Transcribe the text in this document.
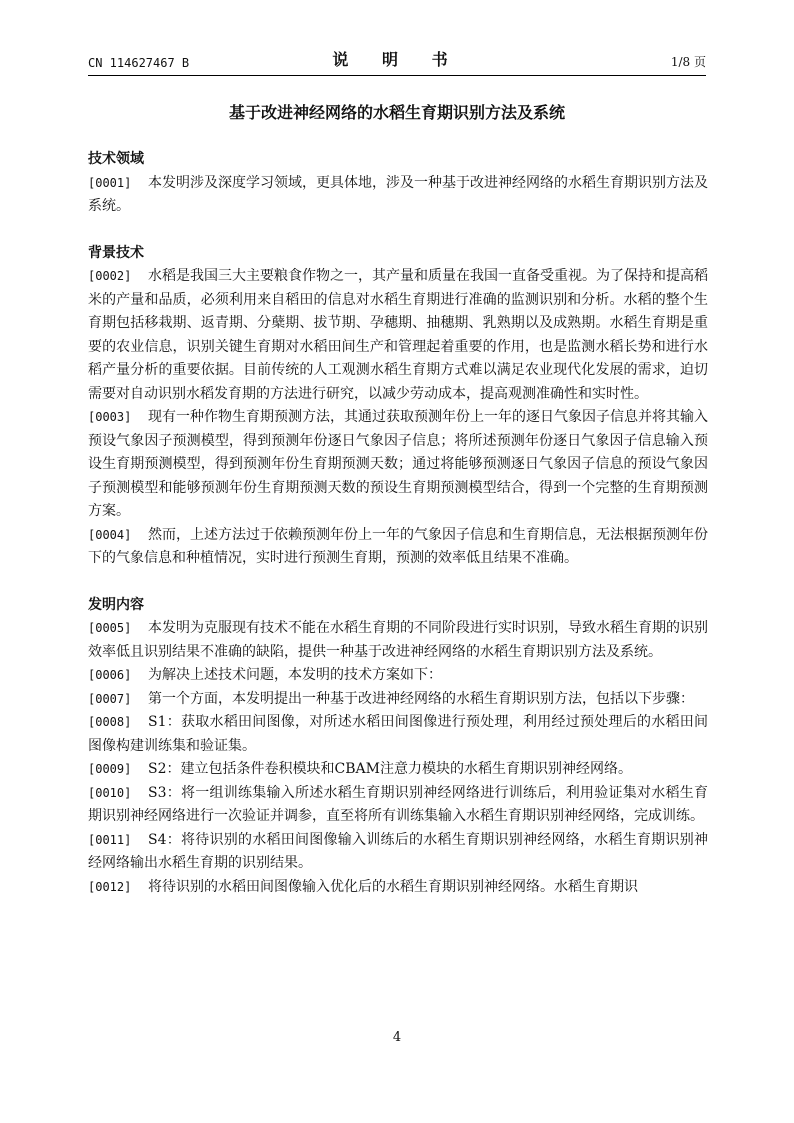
CN 114627467 B	说 明 书	1/8 页
基于改进神经网络的水稻生育期识别方法及系统
技术领域
[0001] 本发明涉及深度学习领域，更具体地，涉及一种基于改进神经网络的水稻生育期识别方法及系统。
背景技术
[0002] 水稻是我国三大主要粮食作物之一，其产量和质量在我国一直备受重视。为了保持和提高稻米的产量和品质，必须利用来自稻田的信息对水稻生育期进行准确的监测识别和分析。水稻的整个生育期包括移栽期、返青期、分蘖期、拔节期、孕穗期、抽穗期、乳熟期以及成熟期。水稻生育期是重要的农业信息，识别关键生育期对水稻田间生产和管理起着重要的作用，也是监测水稻长势和进行水稻产量分析的重要依据。目前传统的人工观测水稻生育期方式难以满足农业现代化发展的需求，迫切需要对自动识别水稻发育期的方法进行研究，以减少劳动成本，提高观测准确性和实时性。
[0003] 现有一种作物生育期预测方法，其通过获取预测年份上一年的逐日气象因子信息并将其输入预设气象因子预测模型，得到预测年份逐日气象因子信息；将所述预测年份逐日气象因子信息输入预设生育期预测模型，得到预测年份生育期预测天数；通过将能够预测逐日气象因子信息的预设气象因子预测模型和能够预测年份生育期预测天数的预设生育期预测模型结合，得到一个完整的生育期预测方案。
[0004] 然而，上述方法过于依赖预测年份上一年的气象因子信息和生育期信息，无法根据预测年份下的气象信息和种植情况，实时进行预测生育期，预测的效率低且结果不准确。
发明内容
[0005] 本发明为克服现有技术不能在水稻生育期的不同阶段进行实时识别，导致水稻生育期的识别效率低且识别结果不准确的缺陷，提供一种基于改进神经网络的水稻生育期识别方法及系统。
[0006] 为解决上述技术问题，本发明的技术方案如下：
[0007] 第一个方面，本发明提出一种基于改进神经网络的水稻生育期识别方法，包括以下步骤：
[0008] S1：获取水稻田间图像，对所述水稻田间图像进行预处理，利用经过预处理后的水稻田间图像构建训练集和验证集。
[0009] S2：建立包括条件卷积模块和CBAM注意力模块的水稻生育期识别神经网络。
[0010] S3：将一组训练集输入所述水稻生育期识别神经网络进行训练后，利用验证集对水稻生育期识别神经网络进行一次验证并调参，直至将所有训练集输入水稻生育期识别神经网络，完成训练。
[0011] S4：将待识别的水稻田间图像输入训练后的水稻生育期识别神经网络，水稻生育期识别神经网络输出水稻生育期的识别结果。
[0012] 将待识别的水稻田间图像输入优化后的水稻生育期识别神经网络。水稻生育期识
4
